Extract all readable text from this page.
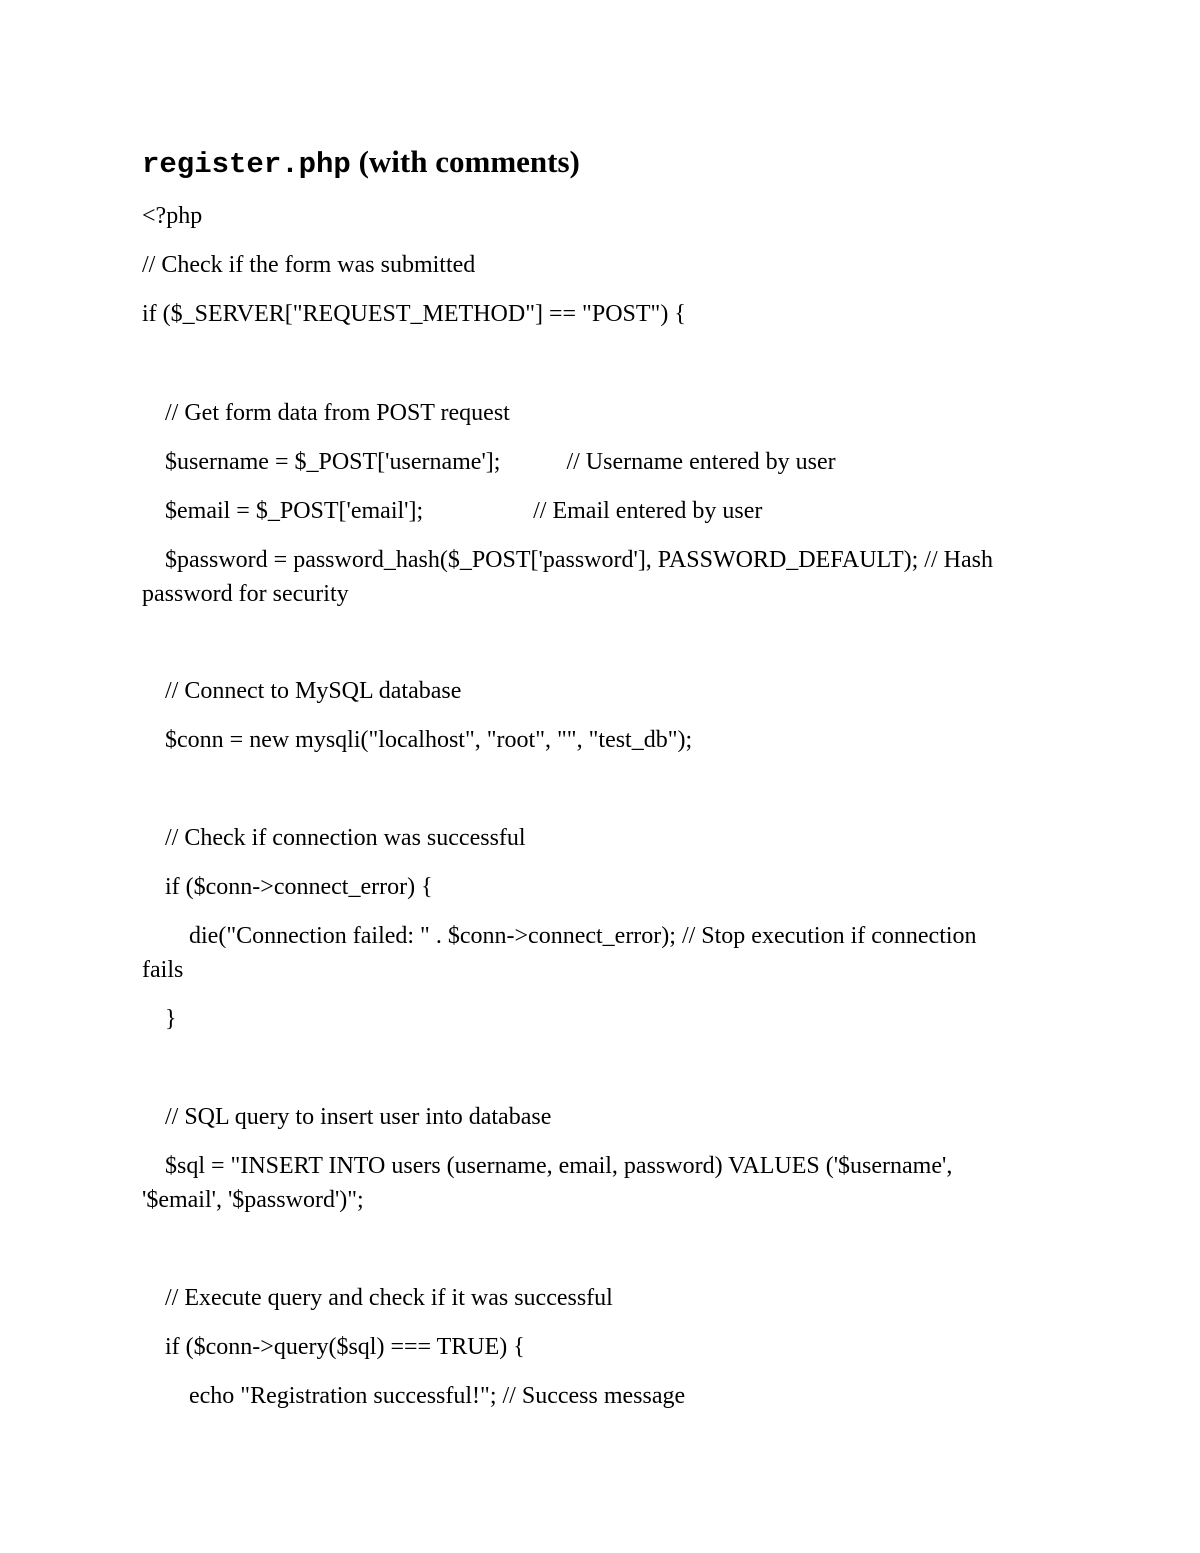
register.php (with comments)
<?php
// Check if the form was submitted
if ($_SERVER["REQUEST_METHOD"] == "POST") {
// Get form data from POST request
$username = $_POST['username'];	// Username entered by user
$email = $_POST['email'];	// Email entered by user
$password = password_hash($_POST['password'], PASSWORD_DEFAULT); // Hash
password for security
// Connect to MySQL database
$conn = new mysqli("localhost", "root", "", "test_db");
// Check if connection was successful
if ($conn->connect_error) {
die("Connection failed: " . $conn->connect_error); // Stop execution if connection
fails
}
// SQL query to insert user into database
$sql = "INSERT INTO users (username, email, password) VALUES ('$username',
'$email', '$password')";
// Execute query and check if it was successful
if ($conn->query($sql) === TRUE) {
echo "Registration successful!"; // Success message
